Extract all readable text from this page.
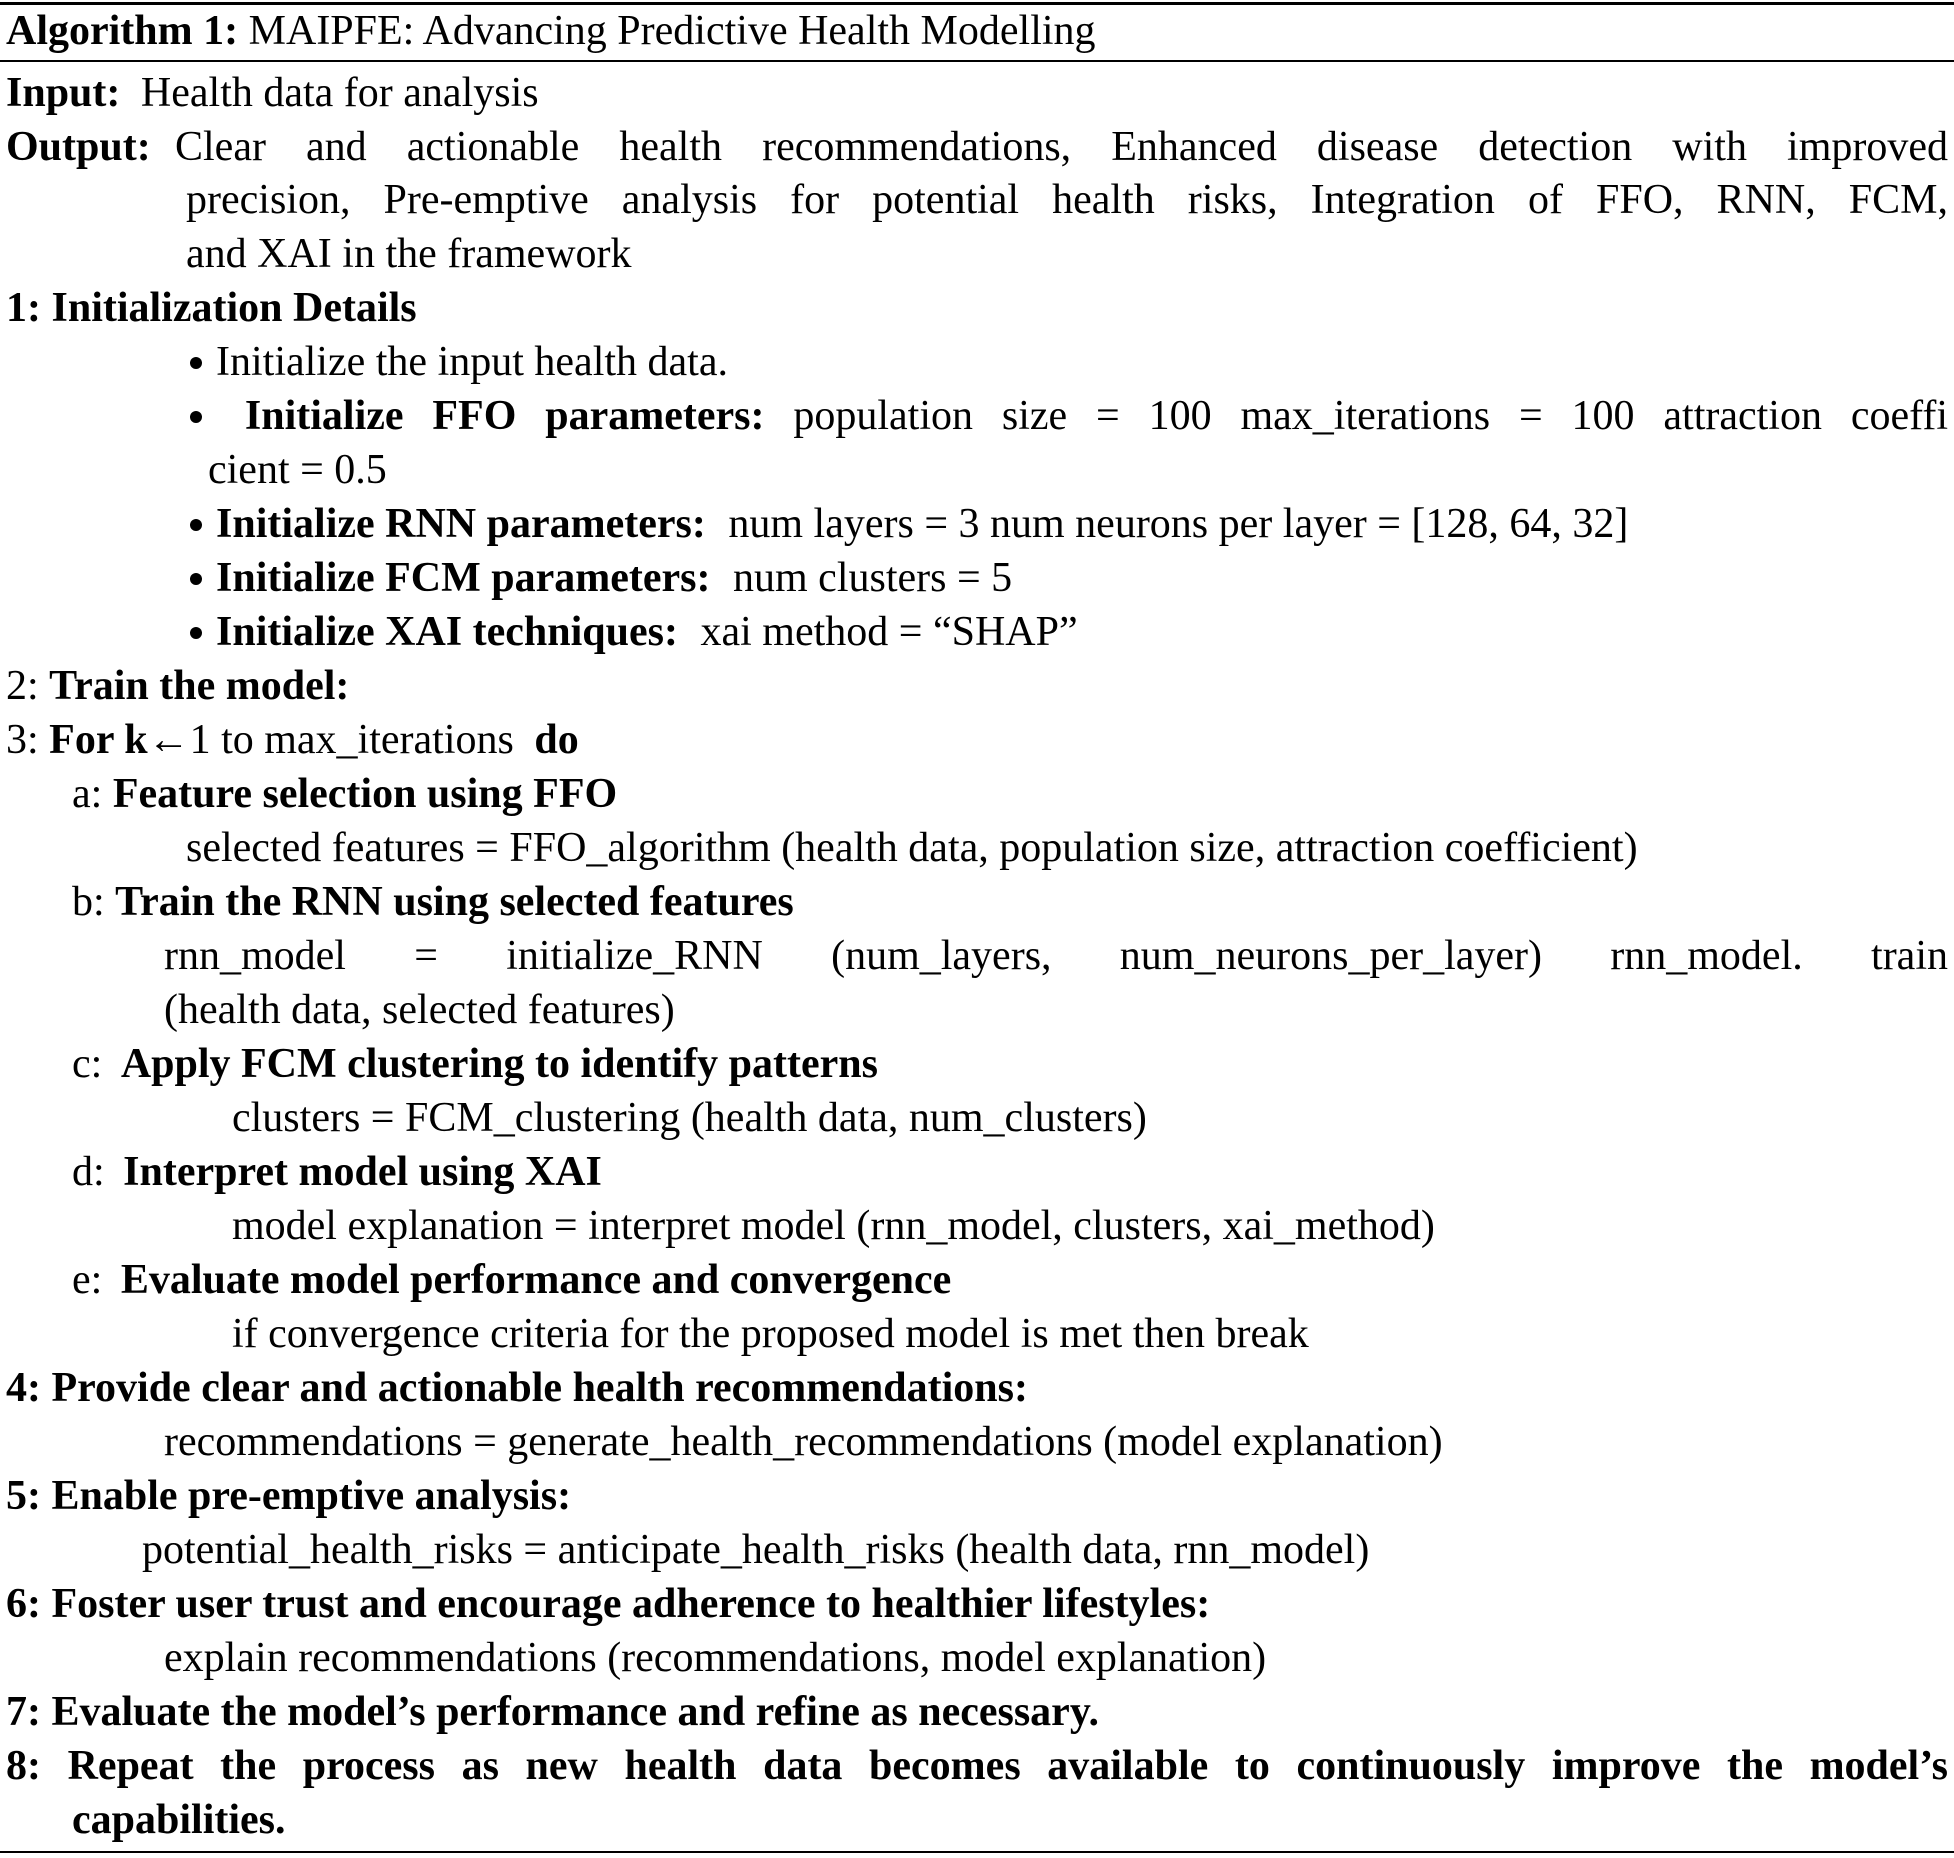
Algorithm 1: MAIPFE: Advancing Predictive Health Modelling
Input: Health data for analysis
Output: Clear and actionable health recommendations, Enhanced disease detection with improved
precision, Pre-emptive analysis for potential health risks, Integration of FFO, RNN, FCM,
and XAI in the framework
1: Initialization Details
Initialize the input health data.
Initialize FFO parameters: population size = 100 max_iterations = 100 attraction coeffi
cient = 0.5
Initialize RNN parameters: num layers = 3 num neurons per layer = [128, 64, 32]
Initialize FCM parameters: num clusters = 5
Initialize XAI techniques: xai method = “SHAP”
2: Train the model:
3: For k←1 to max_iterations do
a: Feature selection using FFO
selected features = FFO_algorithm (health data, population size, attraction coefficient)
b: Train the RNN using selected features
rnn_model = initialize_RNN (num_layers, num_neurons_per_layer) rnn_model. train
(health data, selected features)
c: Apply FCM clustering to identify patterns
clusters = FCM_clustering (health data, num_clusters)
d: Interpret model using XAI
model explanation = interpret model (rnn_model, clusters, xai_method)
e: Evaluate model performance and convergence
if convergence criteria for the proposed model is met then break
4: Provide clear and actionable health recommendations:
recommendations = generate_health_recommendations (model explanation)
5: Enable pre-emptive analysis:
potential_health_risks = anticipate_health_risks (health data, rnn_model)
6: Foster user trust and encourage adherence to healthier lifestyles:
explain recommendations (recommendations, model explanation)
7: Evaluate the model’s performance and refine as necessary.
8: Repeat the process as new health data becomes available to continuously improve the model’s
capabilities.
